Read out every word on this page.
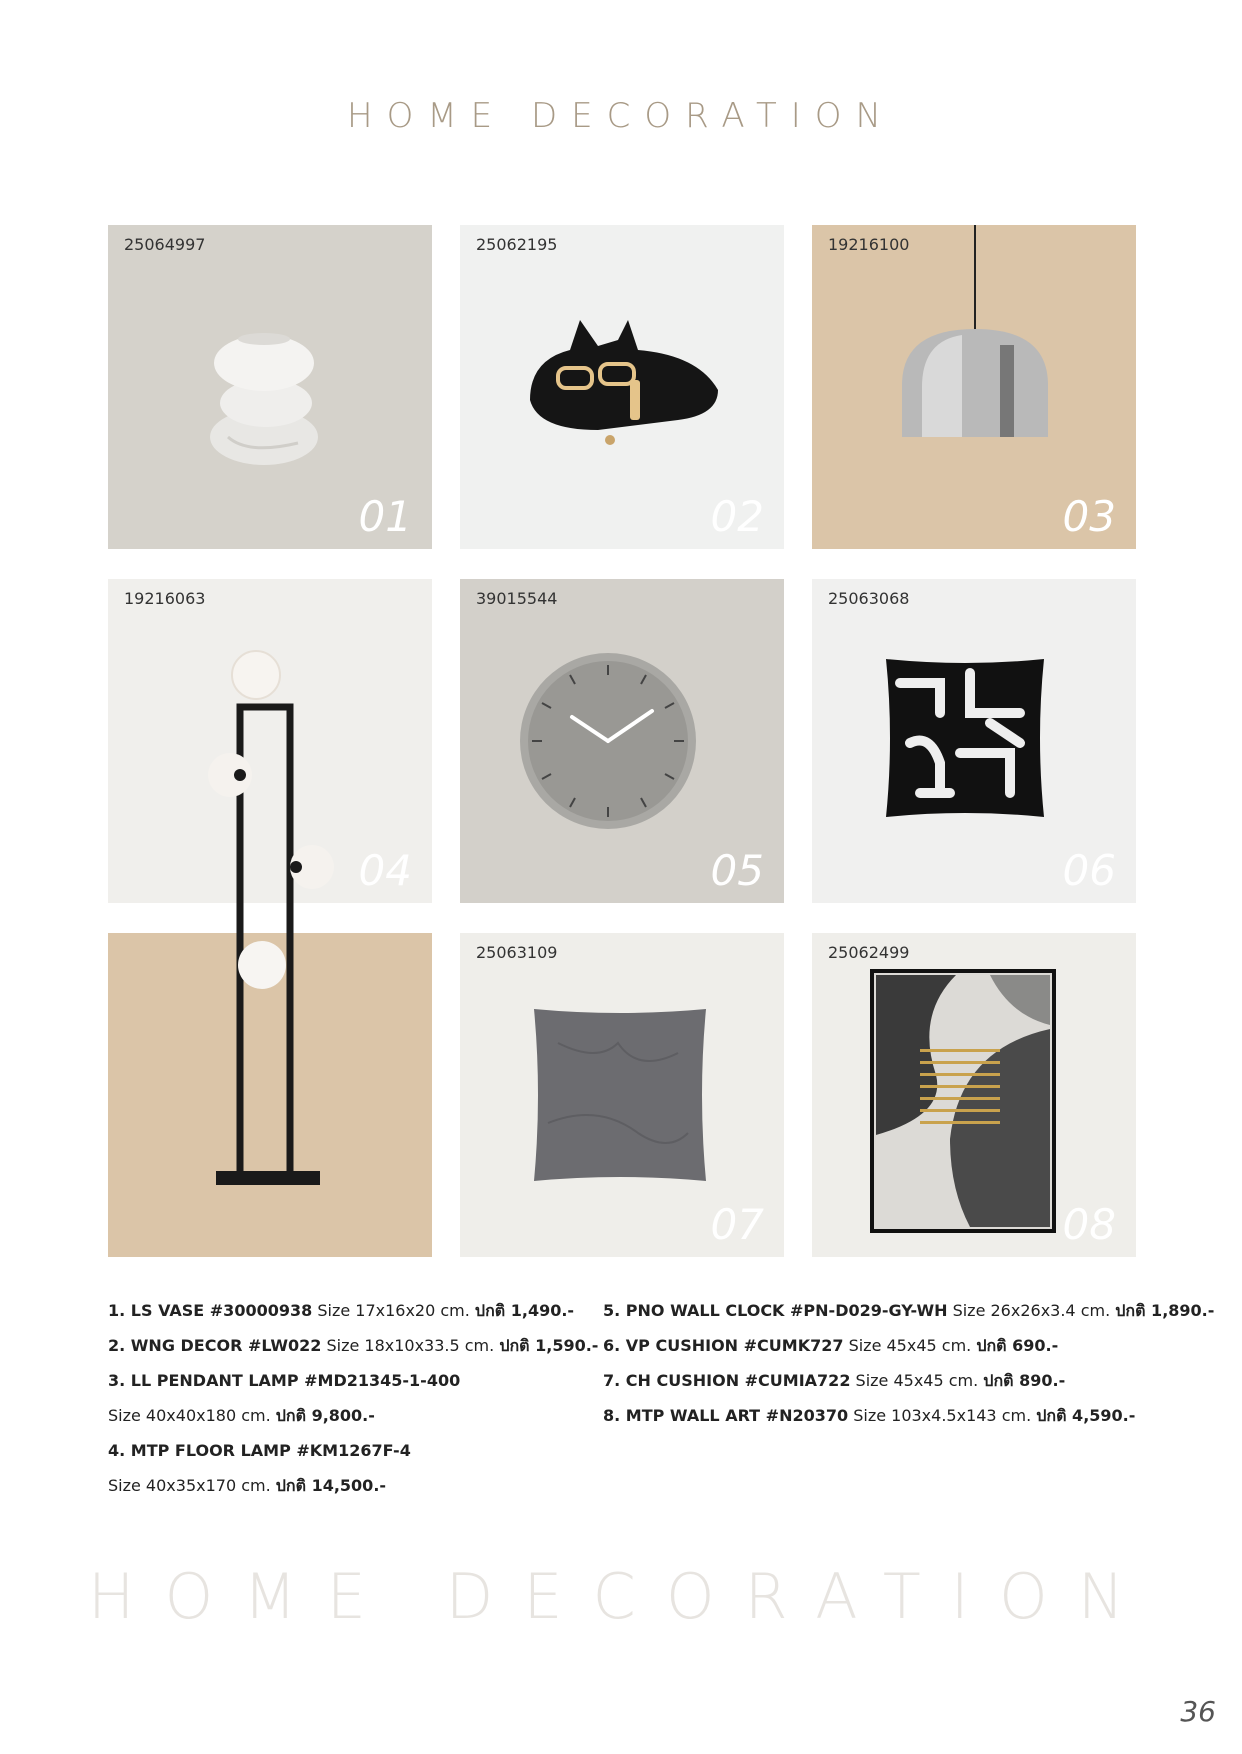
HOME DECORATION
25064997
01
25062195
02
19216100
03
19216063
04
39015544
05
25063068
06
25063109
07
25062499
08
1. LS VASE #30000938 Size 17x16x20 cm. ปกติ 1,490.-
2. WNG DECOR #LW022 Size 18x10x33.5 cm. ปกติ 1,590.-
3. LL PENDANT LAMP #MD21345-1-400
Size 40x40x180 cm. ปกติ 9,800.-
4. MTP FLOOR LAMP #KM1267F-4
Size 40x35x170 cm. ปกติ 14,500.-
5. PNO WALL CLOCK #PN-D029-GY-WH Size 26x26x3.4 cm. ปกติ 1,890.-
6. VP CUSHION #CUMK727 Size 45x45 cm. ปกติ 690.-
7. CH CUSHION #CUMIA722 Size 45x45 cm. ปกติ 890.-
8. MTP WALL ART #N20370 Size 103x4.5x143 cm. ปกติ 4,590.-
HOME DECORATION
36
